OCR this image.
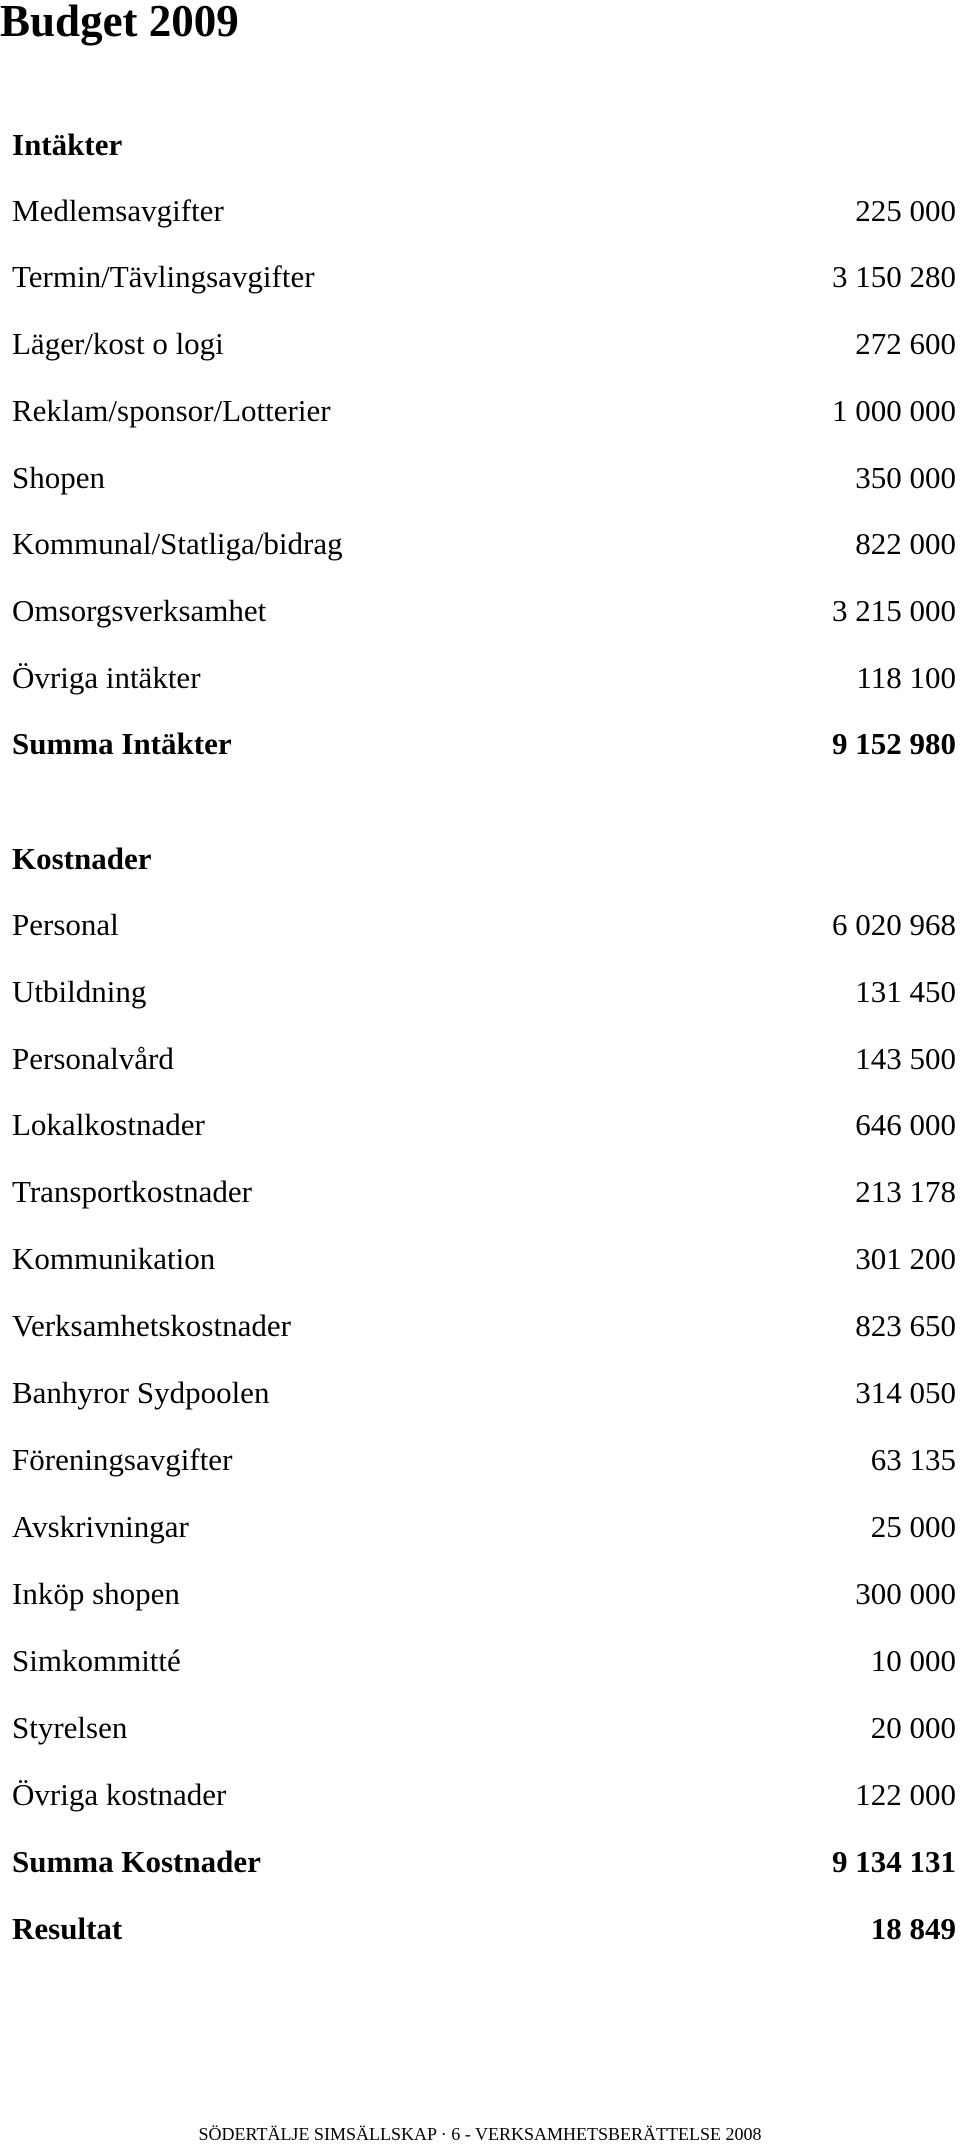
Budget 2009
Intäkter
Medlemsavgifter	225 000
Termin/Tävlingsavgifter	3 150 280
Läger/kost o logi	272 600
Reklam/sponsor/Lotterier	1 000 000
Shopen	350 000
Kommunal/Statliga/bidrag	822 000
Omsorgsverksamhet	3 215 000
Övriga intäkter	118 100
Summa Intäkter	9 152 980
Kostnader
Personal	6 020 968
Utbildning	131 450
Personalvård	143 500
Lokalkostnader	646 000
Transportkostnader	213 178
Kommunikation	301 200
Verksamhetskostnader	823 650
Banhyror Sydpoolen	314 050
Föreningsavgifter	63 135
Avskrivningar	25 000
Inköp shopen	300 000
Simkommitté	10 000
Styrelsen	20 000
Övriga kostnader	122 000
Summa Kostnader	9 134 131
Resultat	18 849
SÖDERTÄLJE SIMSÄLLSKAP · 6 - VERKSAMHETSBERÄTTELSE 2008
